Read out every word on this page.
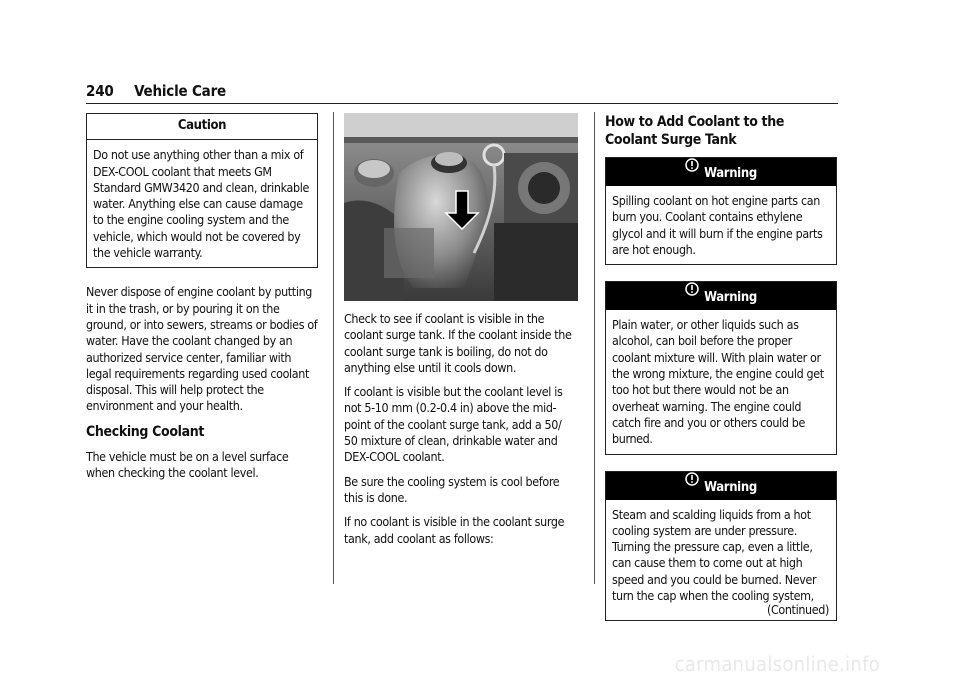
240 Vehicle Care
Caution
Do not use anything other than a mix of DEX-COOL coolant that meets GM Standard GMW3420 and clean, drinkable water. Anything else can cause damage to the engine cooling system and the vehicle, which would not be covered by the vehicle warranty.

Never dispose of engine coolant by putting it in the trash, or by pouring it on the ground, or into sewers, streams or bodies of water. Have the coolant changed by an authorized service center, familiar with legal requirements regarding used coolant disposal. This will help protect the environment and your health.

Checking Coolant

The vehicle must be on a level surface when checking the coolant level.

Check to see if coolant is visible in the coolant surge tank. If the coolant inside the coolant surge tank is boiling, do not do anything else until it cools down.

If coolant is visible but the coolant level is not 5-10 mm (0.2-0.4 in) above the mid-point of the coolant surge tank, add a 50/ 50 mixture of clean, drinkable water and DEX-COOL coolant.

Be sure the cooling system is cool before this is done.

If no coolant is visible in the coolant surge tank, add coolant as follows:

How to Add Coolant to the Coolant Surge Tank
Warning
Spilling coolant on hot engine parts can burn you. Coolant contains ethylene glycol and it will burn if the engine parts are hot enough.
Warning
Plain water, or other liquids such as alcohol, can boil before the proper coolant mixture will. With plain water or the wrong mixture, the engine could get too hot but there would not be an overheat warning. The engine could catch fire and you or others could be burned.
Warning
Steam and scalding liquids from a hot cooling system are under pressure. Turning the pressure cap, even a little, can cause them to come out at high speed and you could be burned. Never turn the cap when the cooling system,
(Continued)
carmanualsonline.info
